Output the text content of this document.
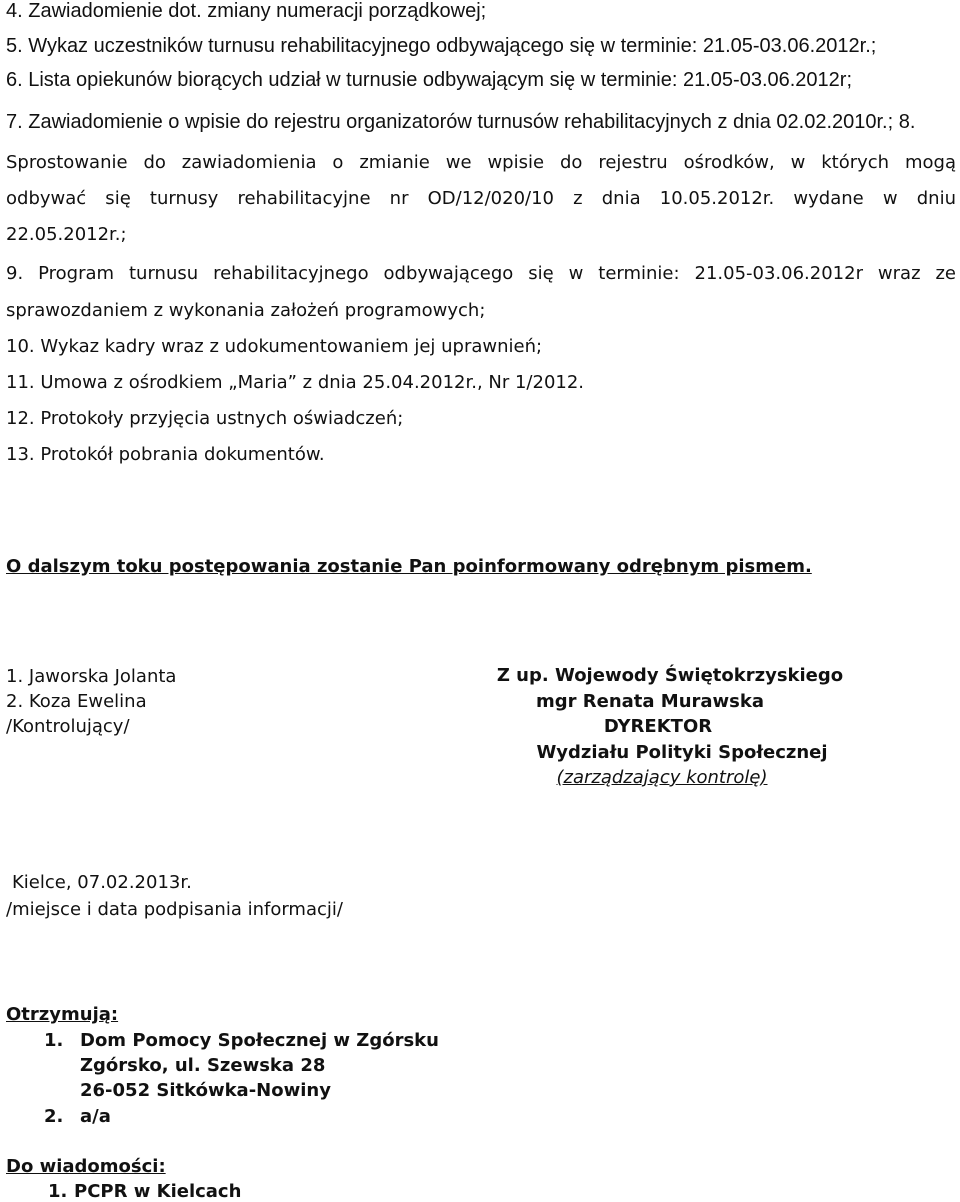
4. Zawiadomienie dot. zmiany numeracji porządkowej;
5. Wykaz uczestników turnusu rehabilitacyjnego odbywającego się w terminie: 21.05-03.06.2012r.;
6. Lista opiekunów biorących udział w turnusie odbywającym się w terminie: 21.05-03.06.2012r;
7. Zawiadomienie o wpisie do rejestru organizatorów turnusów rehabilitacyjnych z dnia 02.02.2010r.; 8.
Sprostowanie do zawiadomienia o zmianie we wpisie do rejestru ośrodków, w których mogą
odbywać się turnusy rehabilitacyjne nr OD/12/020/10 z dnia 10.05.2012r. wydane w dniu
22.05.2012r.;
9. Program turnusu rehabilitacyjnego odbywającego się w terminie: 21.05-03.06.2012r wraz ze
sprawozdaniem z wykonania założeń programowych;
10. Wykaz kadry wraz z udokumentowaniem jej uprawnień;
11. Umowa z ośrodkiem „Maria” z dnia 25.04.2012r., Nr 1/2012.
12. Protokoły przyjęcia ustnych oświadczeń;
13. Protokół pobrania dokumentów.
O dalszym toku postępowania zostanie Pan poinformowany odrębnym pismem.
1. Jaworska Jolanta
2. Koza Ewelina
/Kontrolujący/
Z up. Wojewody Świętokrzyskiego
mgr Renata Murawska
DYREKTOR
Wydziału Polityki Społecznej
(zarządzający kontrolę)
Kielce, 07.02.2013r.
/miejsce i data podpisania informacji/
Otrzymują:
1. Dom Pomocy Społecznej w Zgórsku
Zgórsko, ul. Szewska 28
26-052 Sitkówka-Nowiny
2. a/a
Do wiadomości:
1. PCPR w Kielcach
